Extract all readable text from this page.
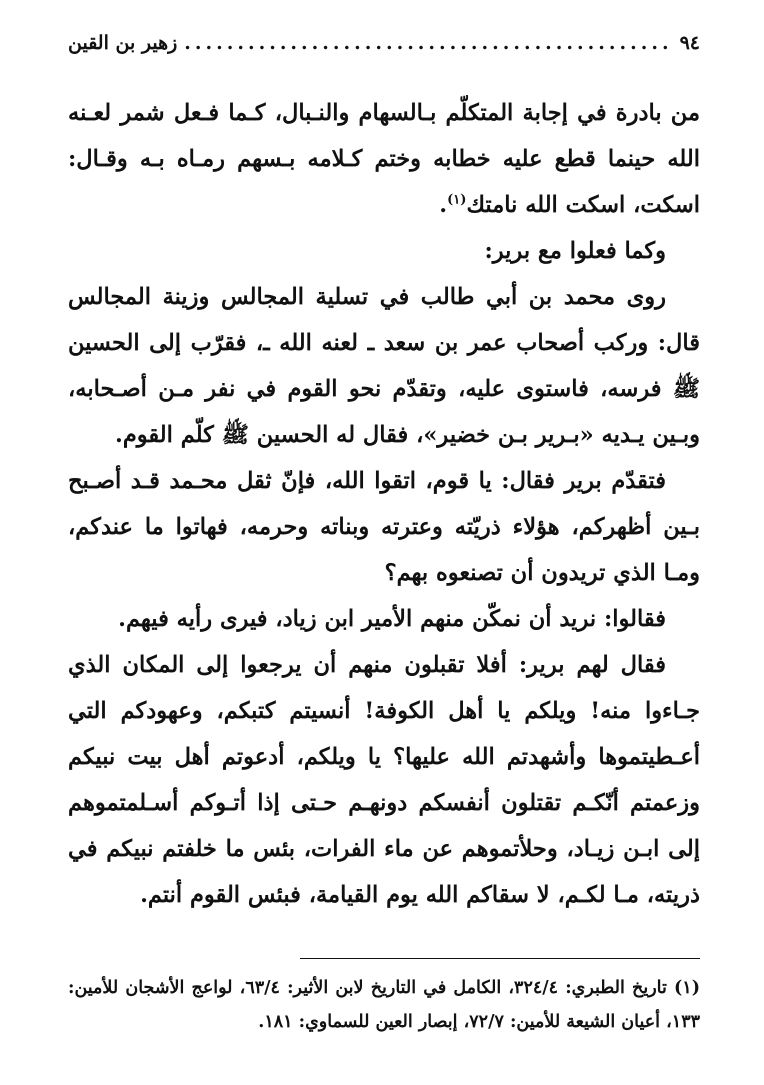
٩٤
..............................................
زهير بن القين

من بادرة في إجابة المتكلّم بـالسهام والنـبال، كـما فـعل شمر لعـنه الله حينما قطع عليه خطابه وختم كـلامه بـسهم رمـاه بـه وقـال: اسكت، اسكت الله نامتك$^{(١)}$.

وكما فعلوا مع برير:

روى محمد بن أبي طالب في تسلية المجالس وزينة المجالس قال: وركب أصحاب عمر بن سعد ـ لعنه الله ـ، فقرّب إلى الحسين ﷺ فرسه، فاستوى عليه، وتقدّم نحو القوم في نفر مـن أصـحابه، وبـين يـديه «بـرير بـن خضير»، فقال له الحسين ﷺ كلّم القوم.

فتقدّم برير فقال: يا قوم، اتقوا الله، فإنّ ثقل محـمد قـد أصـبح بـين أظهركم، هؤلاء ذريّته وعترته وبناته وحرمه، فهاتوا ما عندكم، ومـا الذي تريدون أن تصنعوه بهم؟

فقالوا: نريد أن نمكّن منهم الأمير ابن زياد، فيرى رأيه فيهم.

فقال لهم برير: أفلا تقبلون منهم أن يرجعوا إلى المكان الذي جـاءوا منه! ويلكم يا أهل الكوفة! أنسيتم كتبكم، وعهودكم التي أعـطيتموها وأشهدتم الله عليها؟ يا ويلكم، أدعوتم أهل بيت نبيكم وزعمتم أنّكـم تقتلون أنفسكم دونهـم حـتى إذا أتـوكم أسـلمتموهم إلى ابـن زيـاد، وحلأتموهم عن ماء الفرات، بئس ما خلفتم نبيكم في ذريته، مـا لكـم، لا سقاكم الله يوم القيامة، فبئس القوم أنتم.

(١) تاريخ الطبري: ٣٢٤/٤، الكامل في التاريخ لابن الأثير: ٦٣/٤، لواعج الأشجان للأمين: ١٣٣، أعيان الشيعة للأمين: ٧٢/٧، إبصار العين للسماوي: ١٨١.
